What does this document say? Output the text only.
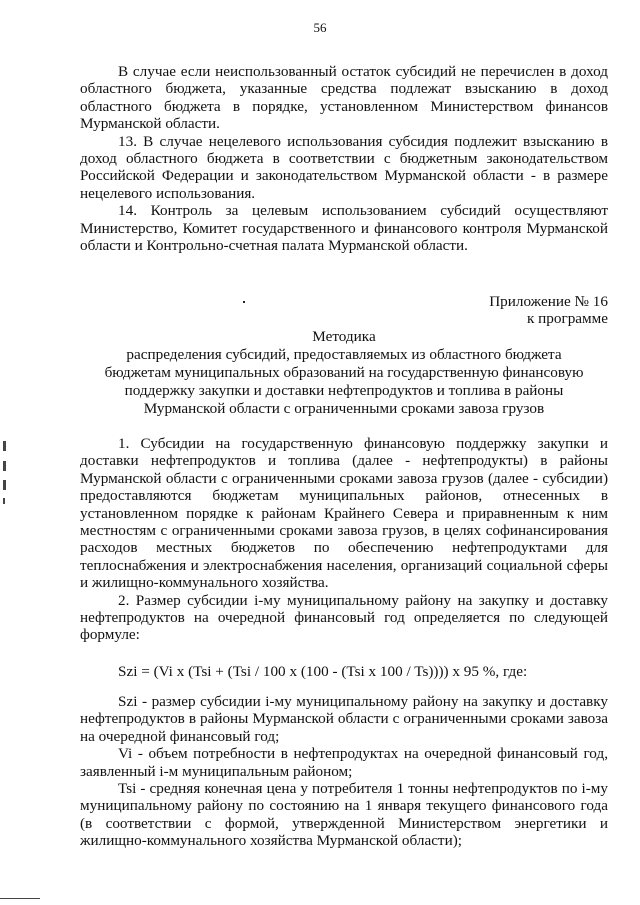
56

В случае если неиспользованный остаток субсидий не перечислен в доход областного бюджета, указанные средства подлежат взысканию в доход областного бюджета в порядке, установленном Министерством финансов Мурманской области.

13. В случае нецелевого использования субсидия подлежит взысканию в доход областного бюджета в соответствии с бюджетным законодательством Российской Федерации и законодательством Мурманской области - в размере нецелевого использования.

14. Контроль за целевым использованием субсидий осуществляют Министерство, Комитет государственного и финансового контроля Мурманской области и Контрольно-счетная палата Мурманской области.

Приложение № 16
к программе
Методика
распределения субсидий, предоставляемых из областного бюджета
бюджетам муниципальных образований на государственную финансовую
поддержку закупки и доставки нефтепродуктов и топлива в районы
Мурманской области с ограниченными сроками завоза грузов

1. Субсидии на государственную финансовую поддержку закупки и доставки нефтепродуктов и топлива (далее - нефтепродукты) в районы Мурманской области с ограниченными сроками завоза грузов (далее - субсидии) предоставляются бюджетам муниципальных районов, отнесенных в установленном порядке к районам Крайнего Севера и приравненным к ним местностям с ограниченными сроками завоза грузов, в целях софинансирования расходов местных бюджетов по обеспечению нефтепродуктами для теплоснабжения и электроснабжения населения, организаций социальной сферы и жилищно-коммунального хозяйства.

2. Размер субсидии i-му муниципальному району на закупку и доставку нефтепродуктов на очередной финансовый год определяется по следующей формуле:

Szi = (Vi x (Tsi + (Tsi / 100 x (100 - (Tsi x 100 / Ts)))) x 95 %, где:

Szi - размер субсидии i-му муниципальному району на закупку и доставку нефтепродуктов в районы Мурманской области с ограниченными сроками завоза на очередной финансовый год;

Vi - объем потребности в нефтепродуктах на очередной финансовый год, заявленный i-м муниципальным районом;

Tsi - средняя конечная цена у потребителя 1 тонны нефтепродуктов по i-му муниципальному району по состоянию на 1 января текущего финансового года (в соответствии с формой, утвержденной Министерством энергетики и жилищно-коммунального хозяйства Мурманской области);
